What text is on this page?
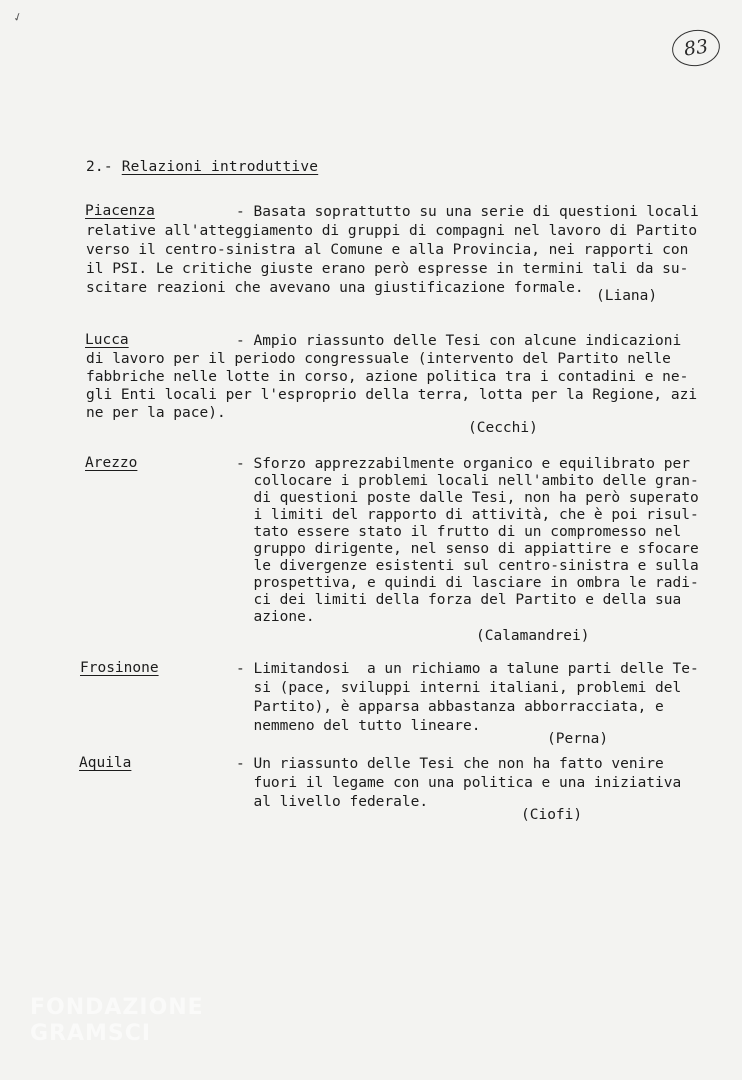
✓
83
2.- Relazioni introduttive
Piacenza	- Basata soprattutto su una serie di questioni locali
relative all'atteggiamento di gruppi di compagni nel lavoro di Partito
verso il centro-sinistra al Comune e alla Provincia, nei rapporti con
il PSI. Le critiche giuste erano però espresse in termini tali da su-
scitare reazioni che avevano una giustificazione formale. (Liana)
Lucca	- Ampio riassunto delle Tesi con alcune indicazioni
di lavoro per il periodo congressuale (intervento del Partito nelle
fabbriche nelle lotte in corso, azione politica tra i contadini e ne-
gli Enti locali per l'esproprio della terra, lotta per la Regione, azi
ne per la pace).
(Cecchi)
Arezzo	- Sforzo apprezzabilmente organico e equilibrato per
collocare i problemi locali nell'ambito delle gran-
di questioni poste dalle Tesi, non ha però superato
i limiti del rapporto di attività, che è poi risul-
tato essere stato il frutto di un compromesso nel
gruppo dirigente, nel senso di appiattire e sfocare
le divergenze esistenti sul centro-sinistra e sulla
prospettiva, e quindi di lasciare in ombra le radi-
ci dei limiti della forza del Partito e della sua
azione.
(Calamandrei)
Frosinone	- Limitandosi  a un richiamo a talune parti delle Te-
si (pace, sviluppi interni italiani, problemi del
Partito), è apparsa abbastanza abborracciata, e
nemmeno del tutto lineare.
(Perna)
Aquila	- Un riassunto delle Tesi che non ha fatto venire
fuori il legame con una politica e una iniziativa
al livello federale.
(Ciofi)
FONDAZIONE GRAMSCI
